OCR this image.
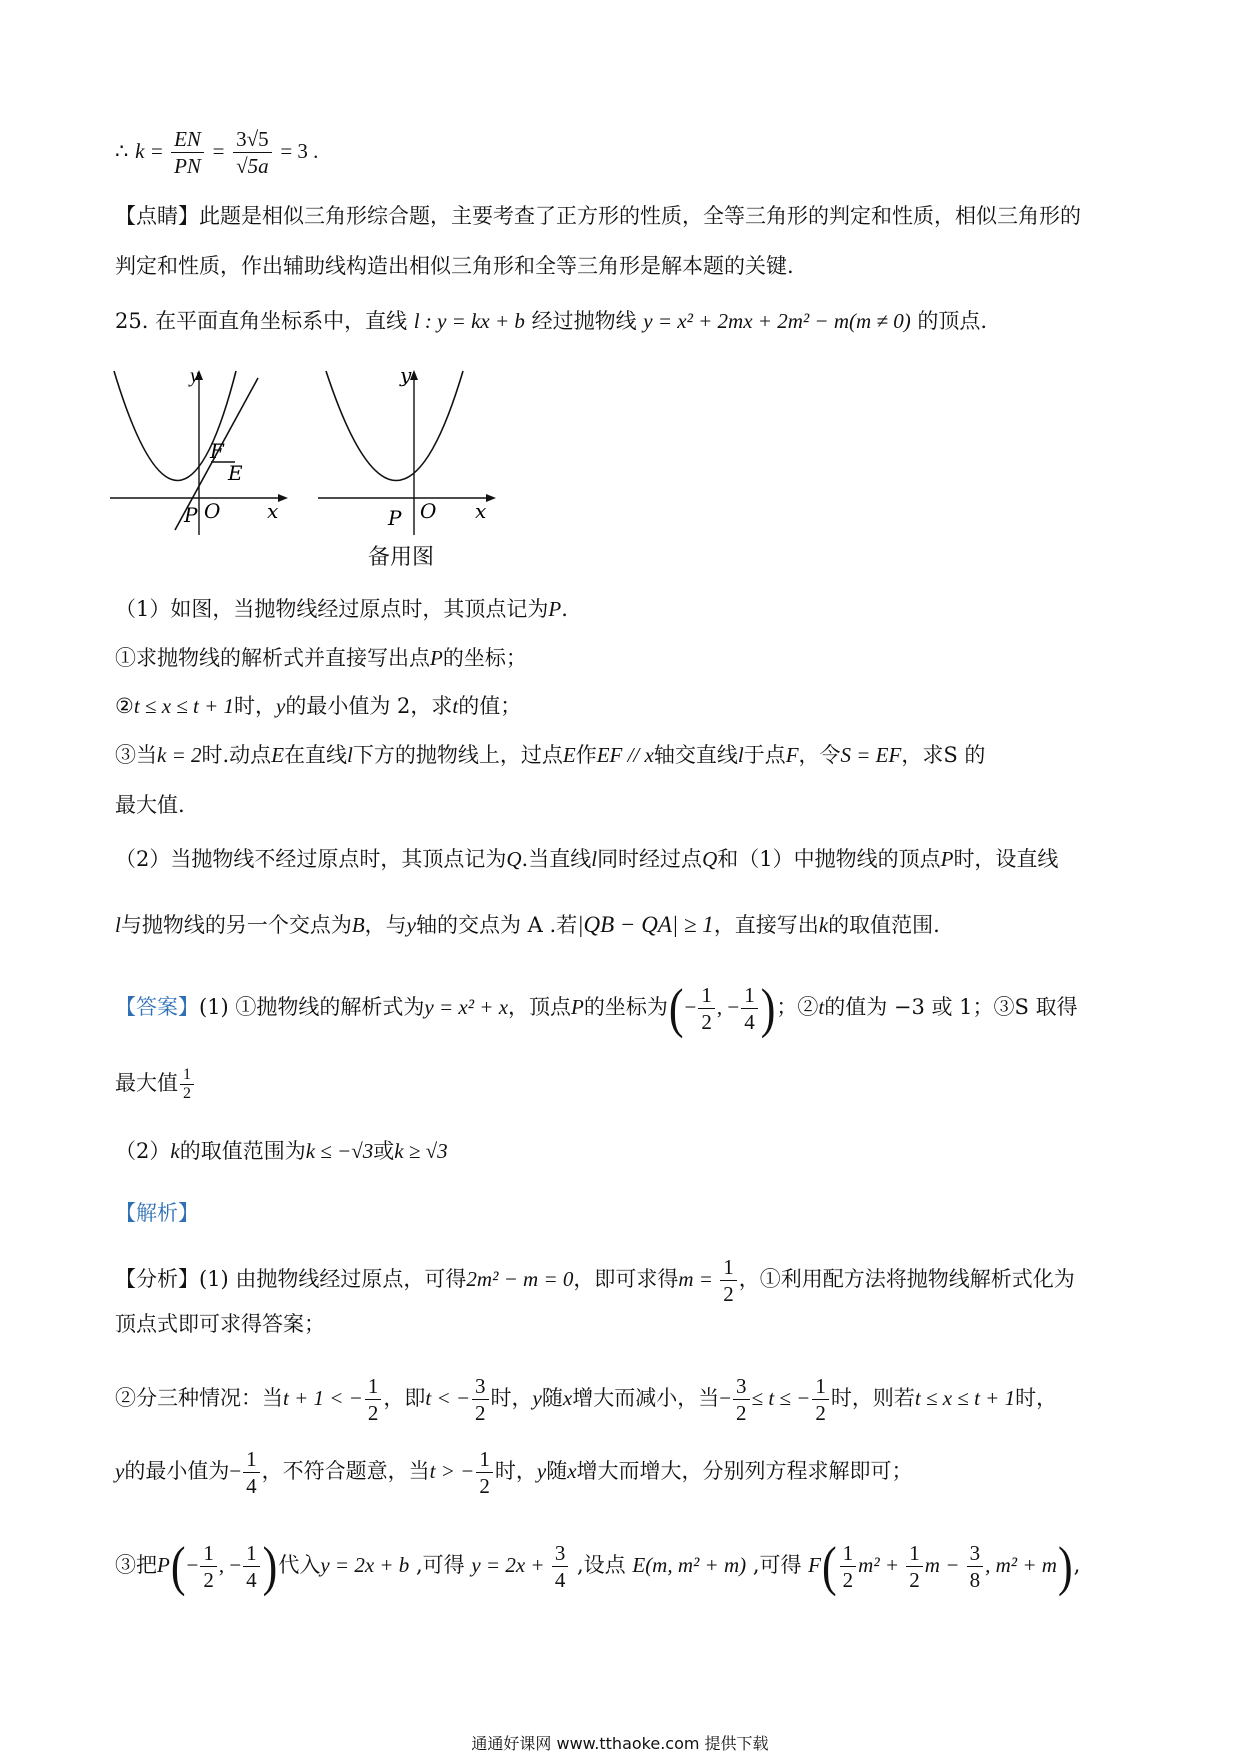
∴ $k = \frac{EN}{PN} = \frac{3√5}{√5a} = 3$ .
【点睛】此题是相似三角形综合题，主要考查了正方形的性质，全等三角形的判定和性质，相似三角形的
判定和性质，作出辅助线构造出相似三角形和全等三角形是解本题的关键.
25. 在平面直角坐标系中，直线 l : y = kx + b 经过抛物线 y = x² + 2mx + 2m² − m(m ≠ 0) 的顶点.
y
x
O
P
F
E
y
x
O
P
备用图
（1）如图，当抛物线经过原点时，其顶点记为P.
①求抛物线的解析式并直接写出点P的坐标；
②t ≤ x ≤ t + 1时，y的最小值为 2，求t的值；
③当k = 2时.动点E在直线l下方的抛物线上，过点E作EF // x轴交直线l于点F，令S = EF，求S 的
最大值.
（2）当抛物线不经过原点时，其顶点记为Q.当直线l同时经过点Q和（1）中抛物线的顶点P时，设直线
l与抛物线的另一个交点为B，与y轴的交点为 A .若|QB − QA| ≥ 1，直接写出k的取值范围.
【答案】(1) ①抛物线的解析式为y = x² + x，顶点P的坐标为(− $\frac{1}{2}$ , − $\frac{1}{4}$ )；②t的值为 −3 或 1；③S 取得
最大值 $\frac{1}{2}$
（2）k的取值范围为k ≤ −√3或k ≥ √3
【解析】
【分析】(1) 由抛物线经过原点，可得2m² − m = 0，即可求得$m = \frac{1}{2}$ ，①利用配方法将抛物线解析式化为
顶点式即可求得答案；
②分三种情况：当t + 1 < − $\frac{1}{2}$ ，即t < − $\frac{3}{2}$ 时，y随x增大而减小，当− $\frac{3}{2} \le t$ ≤ − $\frac{1}{2}$ 时，则若t ≤ x ≤ t + 1时，
y的最小值为− $\frac{1}{4}$ ，不符合题意，当t > − $\frac{1}{2}$ 时，y随x增大而增大，分别列方程求解即可；
③把$P(- \frac{1}{2}$ , − $\frac{1}{4}$ )代入y = 2x + b ,可得 $y = 2x + \frac{3}{4}$ ,设点 E(m, m² + m) ,可得 $F( \frac{1}{2} m^2 + \frac{1}{2}$ $m - \frac{3}{8}$ , m² + m),
通通好课网 www.tthaoke.com 提供下载
